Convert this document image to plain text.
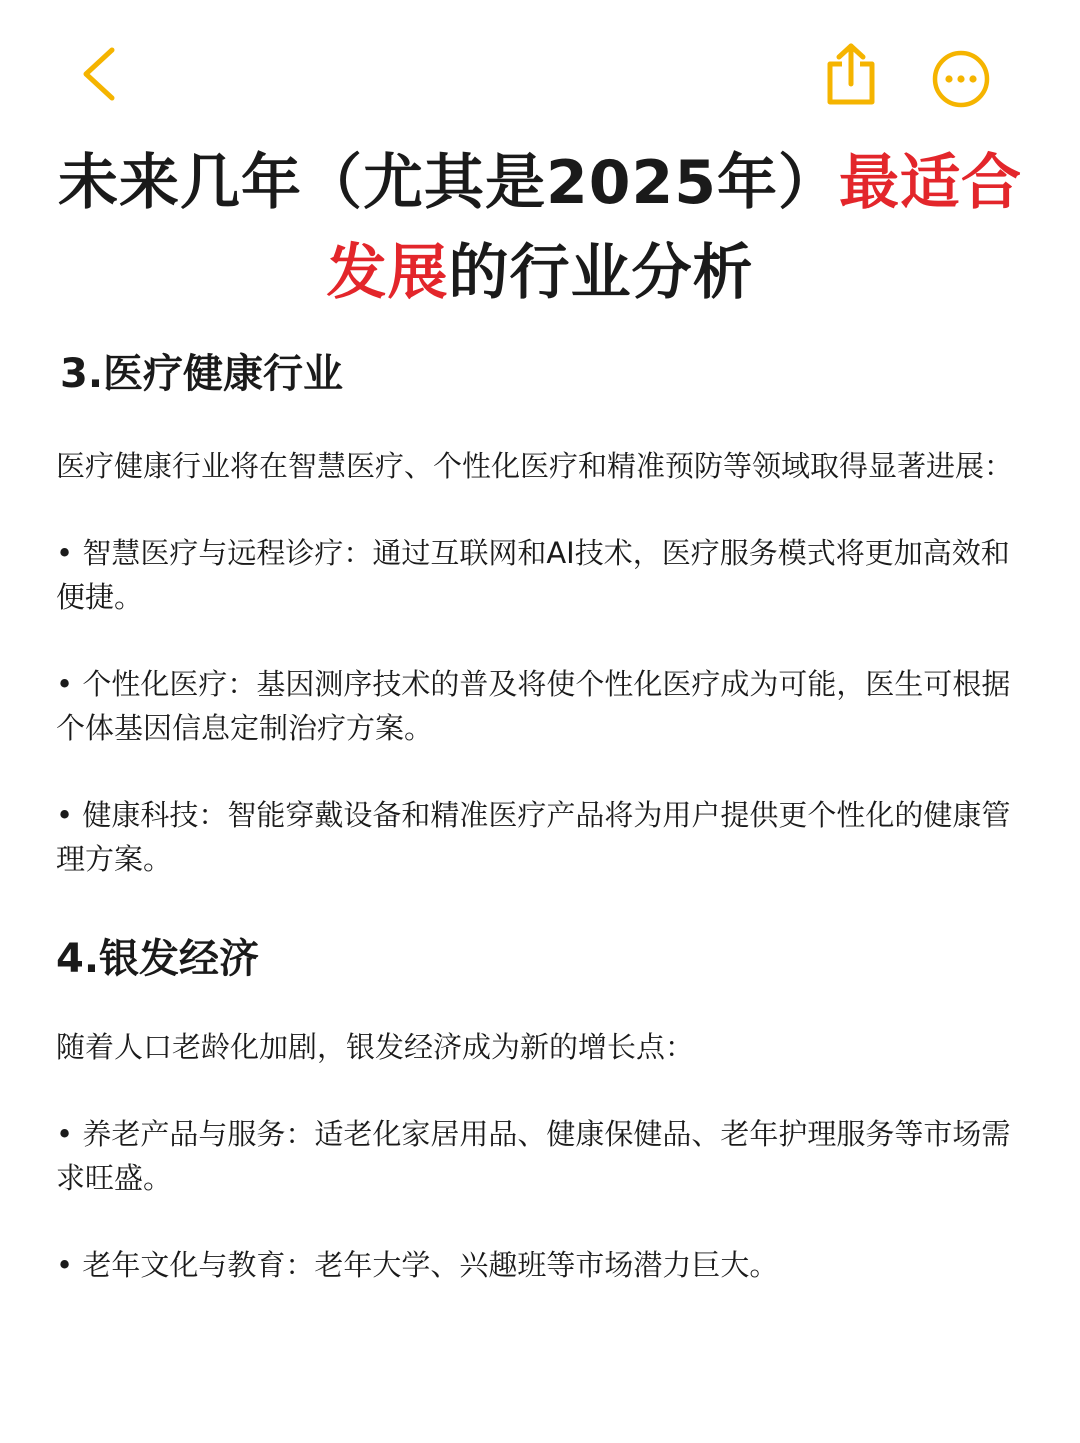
未来几年（尤其是2025年）最适合
发展的行业分析
3.医疗健康行业

医疗健康行业将在智慧医疗、个性化医疗和精准预防等领域取得显著进展：

• 智慧医疗与远程诊疗：通过互联网和AI技术，医疗服务模式将更加高效和便捷。

• 个性化医疗：基因测序技术的普及将使个性化医疗成为可能，医生可根据个体基因信息定制治疗方案。

• 健康科技：智能穿戴设备和精准医疗产品将为用户提供更个性化的健康管理方案。

4.银发经济

随着人口老龄化加剧，银发经济成为新的增长点：

• 养老产品与服务：适老化家居用品、健康保健品、老年护理服务等市场需求旺盛。

• 老年文化与教育：老年大学、兴趣班等市场潜力巨大。
